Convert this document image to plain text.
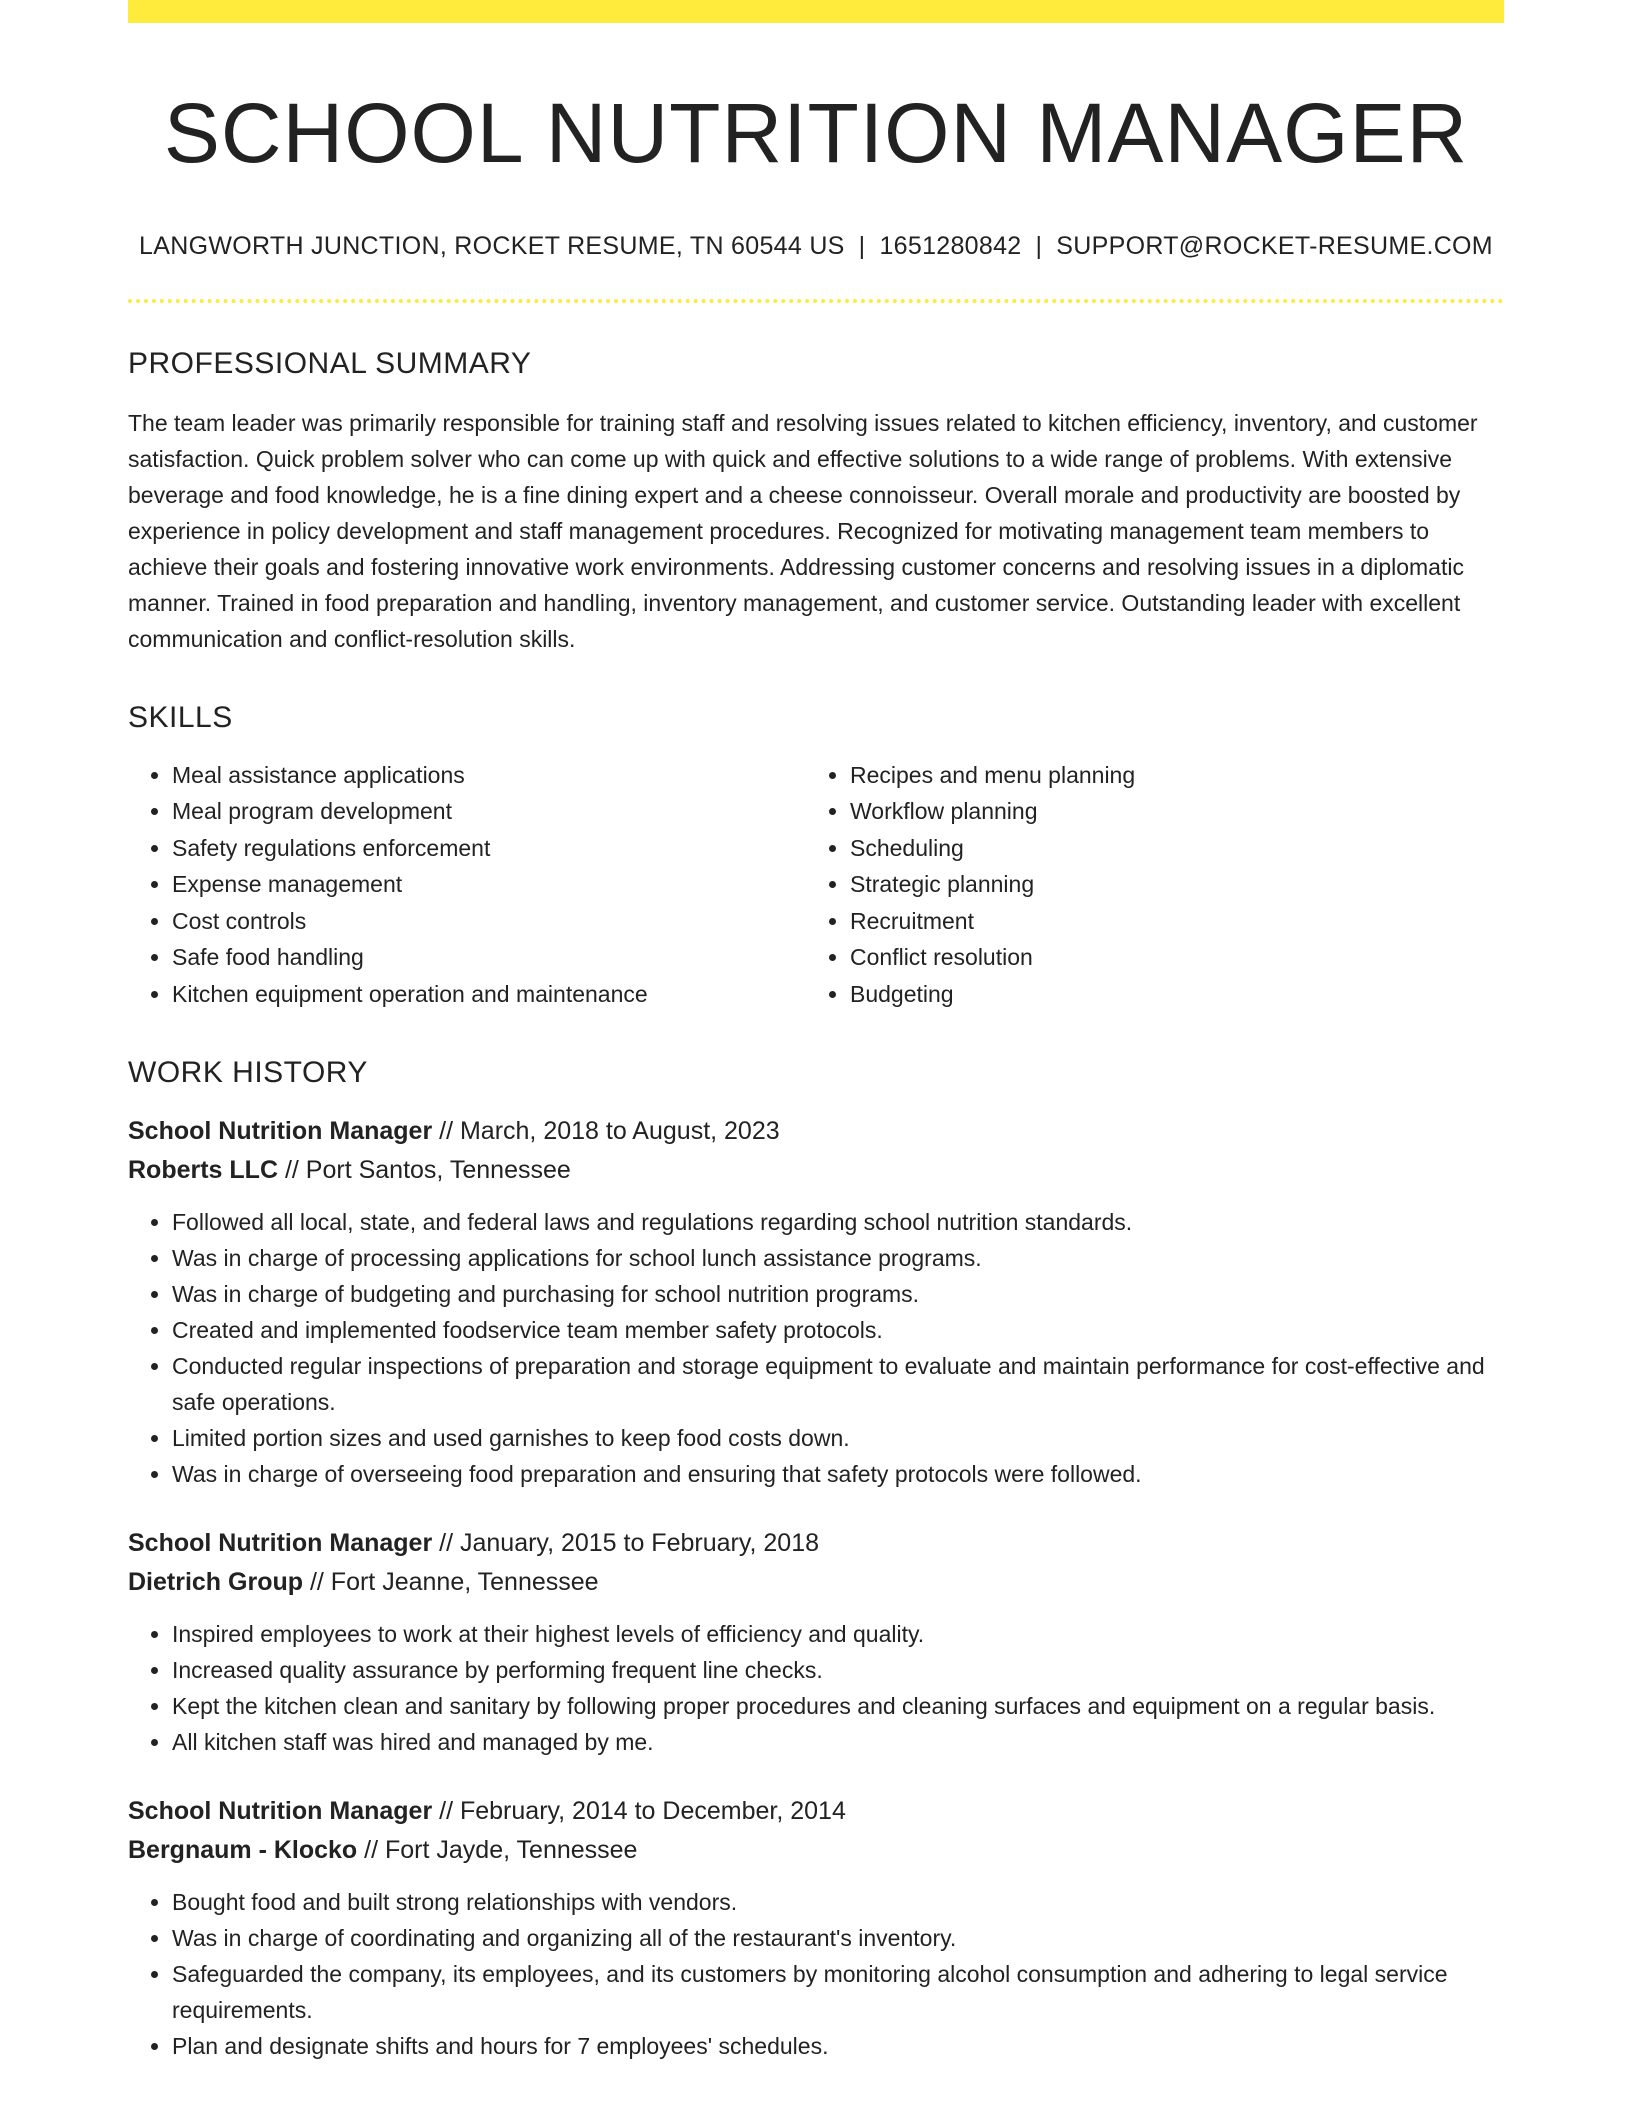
SCHOOL NUTRITION MANAGER
LANGWORTH JUNCTION, ROCKET RESUME, TN 60544 US | 1651280842 | SUPPORT@ROCKET-RESUME.COM
PROFESSIONAL SUMMARY
The team leader was primarily responsible for training staff and resolving issues related to kitchen efficiency, inventory, and customer satisfaction. Quick problem solver who can come up with quick and effective solutions to a wide range of problems. With extensive beverage and food knowledge, he is a fine dining expert and a cheese connoisseur. Overall morale and productivity are boosted by experience in policy development and staff management procedures. Recognized for motivating management team members to achieve their goals and fostering innovative work environments. Addressing customer concerns and resolving issues in a diplomatic manner. Trained in food preparation and handling, inventory management, and customer service. Outstanding leader with excellent communication and conflict-resolution skills.
SKILLS
• Meal assistance applications
• Meal program development
• Safety regulations enforcement
• Expense management
• Cost controls
• Safe food handling
• Kitchen equipment operation and maintenance
• Recipes and menu planning
• Workflow planning
• Scheduling
• Strategic planning
• Recruitment
• Conflict resolution
• Budgeting
WORK HISTORY
School Nutrition Manager // March, 2018 to August, 2023
Roberts LLC // Port Santos, Tennessee
• Followed all local, state, and federal laws and regulations regarding school nutrition standards.
• Was in charge of processing applications for school lunch assistance programs.
• Was in charge of budgeting and purchasing for school nutrition programs.
• Created and implemented foodservice team member safety protocols.
• Conducted regular inspections of preparation and storage equipment to evaluate and maintain performance for cost-effective and safe operations.
• Limited portion sizes and used garnishes to keep food costs down.
• Was in charge of overseeing food preparation and ensuring that safety protocols were followed.
School Nutrition Manager // January, 2015 to February, 2018
Dietrich Group // Fort Jeanne, Tennessee
• Inspired employees to work at their highest levels of efficiency and quality.
• Increased quality assurance by performing frequent line checks.
• Kept the kitchen clean and sanitary by following proper procedures and cleaning surfaces and equipment on a regular basis.
• All kitchen staff was hired and managed by me.
School Nutrition Manager // February, 2014 to December, 2014
Bergnaum - Klocko // Fort Jayde, Tennessee
• Bought food and built strong relationships with vendors.
• Was in charge of coordinating and organizing all of the restaurant's inventory.
• Safeguarded the company, its employees, and its customers by monitoring alcohol consumption and adhering to legal service requirements.
• Plan and designate shifts and hours for 7 employees' schedules.
